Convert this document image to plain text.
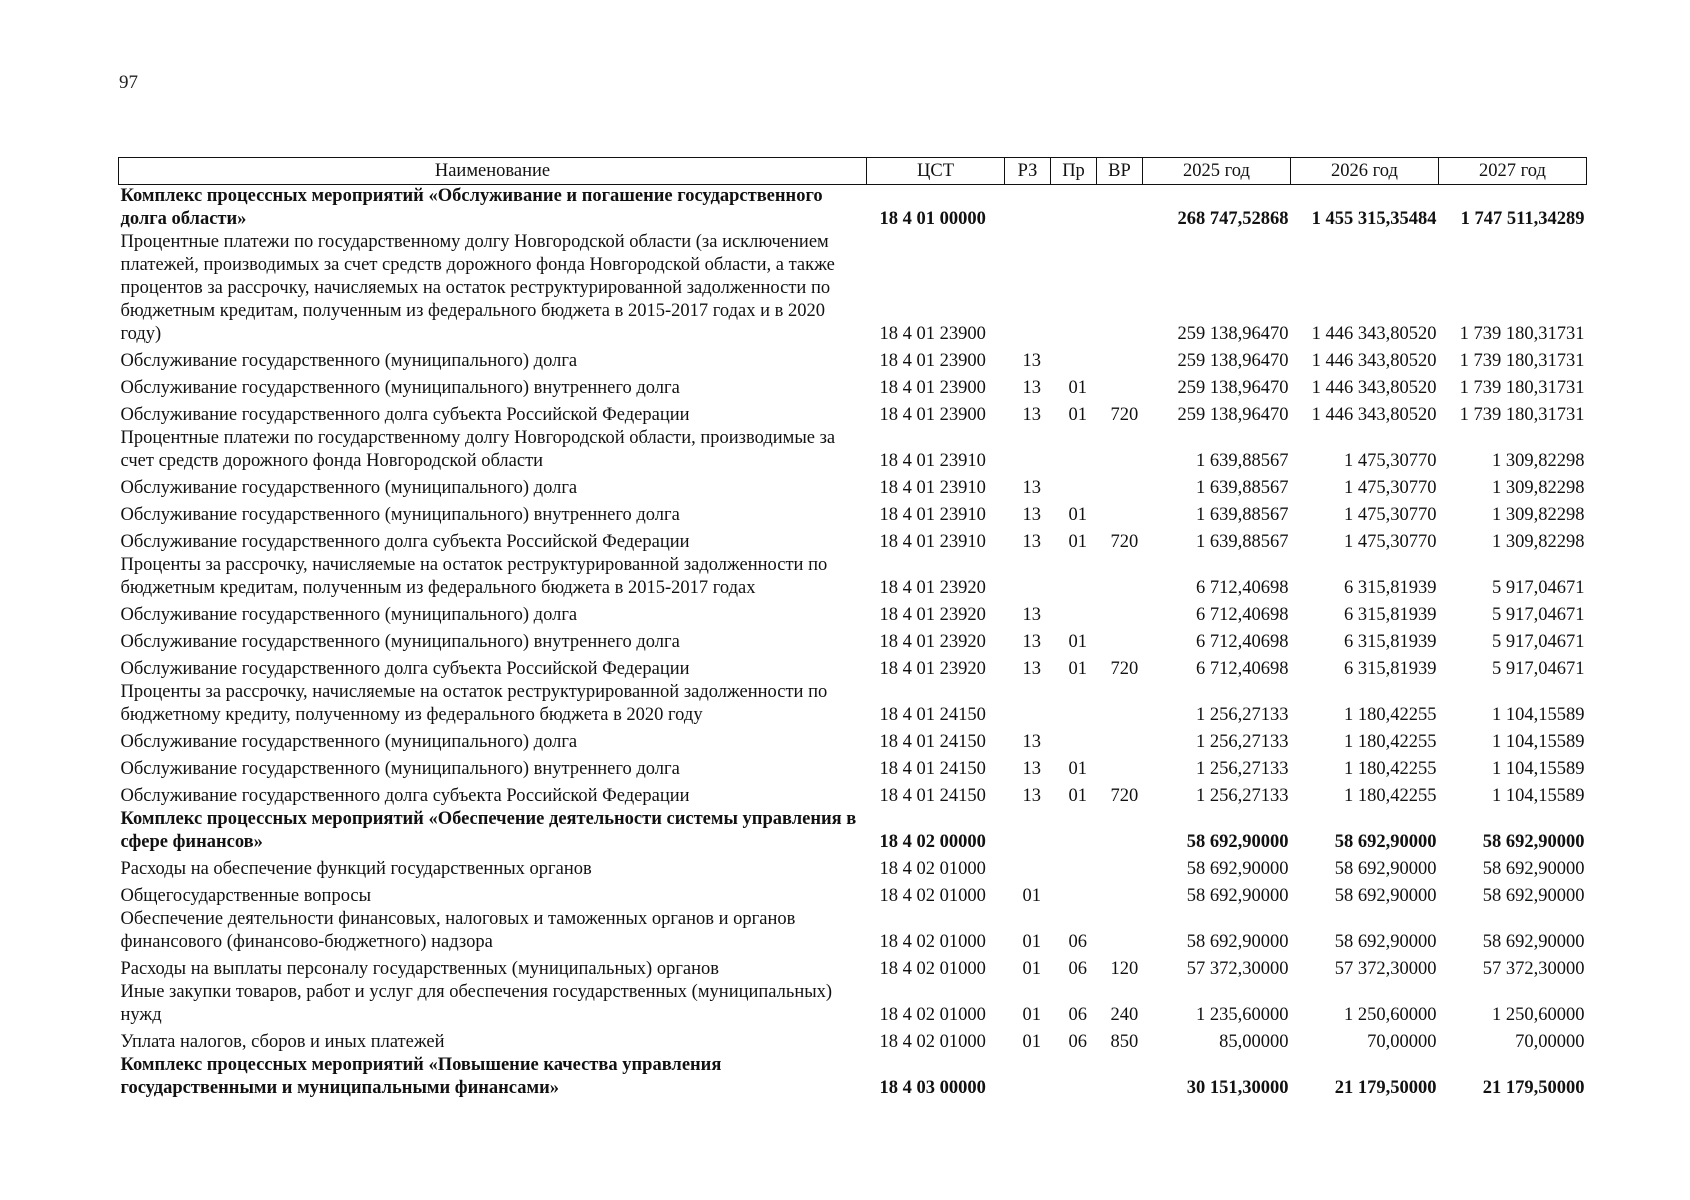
97
Наименование	ЦСТ	РЗ	Пр	ВР	2025 год	2026 год	2027 год
Комплекс процессных мероприятий «Обслуживание и погашение государственного долга области»	18 4 01 00000				268 747,52868	1 455 315,35484	1 747 511,34289
Процентные платежи по государственному долгу Новгородской области (за исключением платежей, производимых за счет средств дорожного фонда Новгородской области, а также процентов за рассрочку, начисляемых на остаток реструктурированной задолженности по бюджетным кредитам, полученным из федерального бюджета в 2015-2017 годах и в 2020 году)	18 4 01 23900				259 138,96470	1 446 343,80520	1 739 180,31731
Обслуживание государственного (муниципального) долга	18 4 01 23900	13			259 138,96470	1 446 343,80520	1 739 180,31731
Обслуживание государственного (муниципального) внутреннего долга	18 4 01 23900	13	01		259 138,96470	1 446 343,80520	1 739 180,31731
Обслуживание государственного долга субъекта Российской Федерации	18 4 01 23900	13	01	720	259 138,96470	1 446 343,80520	1 739 180,31731
Процентные платежи по государственному долгу Новгородской области, производимые за счет средств дорожного фонда Новгородской области	18 4 01 23910				1 639,88567	1 475,30770	1 309,82298
Обслуживание государственного (муниципального) долга	18 4 01 23910	13			1 639,88567	1 475,30770	1 309,82298
Обслуживание государственного (муниципального) внутреннего долга	18 4 01 23910	13	01		1 639,88567	1 475,30770	1 309,82298
Обслуживание государственного долга субъекта Российской Федерации	18 4 01 23910	13	01	720	1 639,88567	1 475,30770	1 309,82298
Проценты за рассрочку, начисляемые на остаток реструктурированной задолженности по бюджетным кредитам, полученным из федерального бюджета в 2015-2017 годах	18 4 01 23920				6 712,40698	6 315,81939	5 917,04671
Обслуживание государственного (муниципального) долга	18 4 01 23920	13			6 712,40698	6 315,81939	5 917,04671
Обслуживание государственного (муниципального) внутреннего долга	18 4 01 23920	13	01		6 712,40698	6 315,81939	5 917,04671
Обслуживание государственного долга субъекта Российской Федерации	18 4 01 23920	13	01	720	6 712,40698	6 315,81939	5 917,04671
Проценты за рассрочку, начисляемые на остаток реструктурированной задолженности по бюджетному кредиту, полученному из федерального бюджета в 2020 году	18 4 01 24150				1 256,27133	1 180,42255	1 104,15589
Обслуживание государственного (муниципального) долга	18 4 01 24150	13			1 256,27133	1 180,42255	1 104,15589
Обслуживание государственного (муниципального) внутреннего долга	18 4 01 24150	13	01		1 256,27133	1 180,42255	1 104,15589
Обслуживание государственного долга субъекта Российской Федерации	18 4 01 24150	13	01	720	1 256,27133	1 180,42255	1 104,15589
Комплекс процессных мероприятий «Обеспечение деятельности системы управления в сфере финансов»	18 4 02 00000				58 692,90000	58 692,90000	58 692,90000
Расходы на обеспечение функций государственных органов	18 4 02 01000				58 692,90000	58 692,90000	58 692,90000
Общегосударственные вопросы	18 4 02 01000	01			58 692,90000	58 692,90000	58 692,90000
Обеспечение деятельности финансовых, налоговых и таможенных органов и органов финансового (финансово-бюджетного) надзора	18 4 02 01000	01	06		58 692,90000	58 692,90000	58 692,90000
Расходы на выплаты персоналу государственных (муниципальных) органов	18 4 02 01000	01	06	120	57 372,30000	57 372,30000	57 372,30000
Иные закупки товаров, работ и услуг для обеспечения государственных (муниципальных) нужд	18 4 02 01000	01	06	240	1 235,60000	1 250,60000	1 250,60000
Уплата налогов, сборов и иных платежей	18 4 02 01000	01	06	850	85,00000	70,00000	70,00000
Комплекс процессных мероприятий «Повышение качества управления государственными и муниципальными финансами»	18 4 03 00000				30 151,30000	21 179,50000	21 179,50000
